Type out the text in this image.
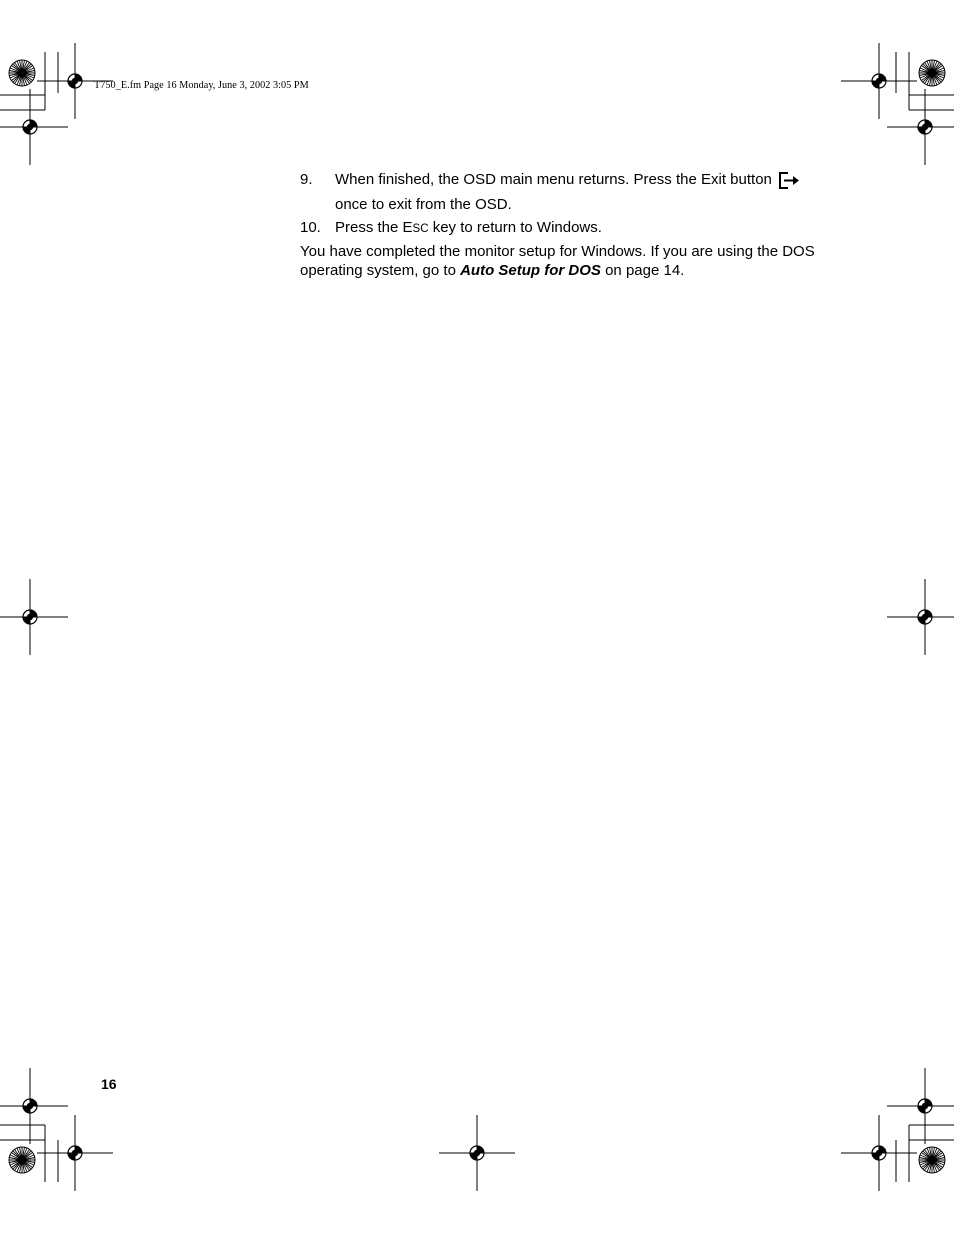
T750_E.fm Page 16 Monday, June 3, 2002 3:05 PM
9.	When finished, the OSD main menu returns. Press the Exit button
once to exit from the OSD.
10. Press the ESC key to return to Windows.
You have completed the monitor setup for Windows. If you are using the DOS
operating system, go to Auto Setup for DOS on page 14.
16
